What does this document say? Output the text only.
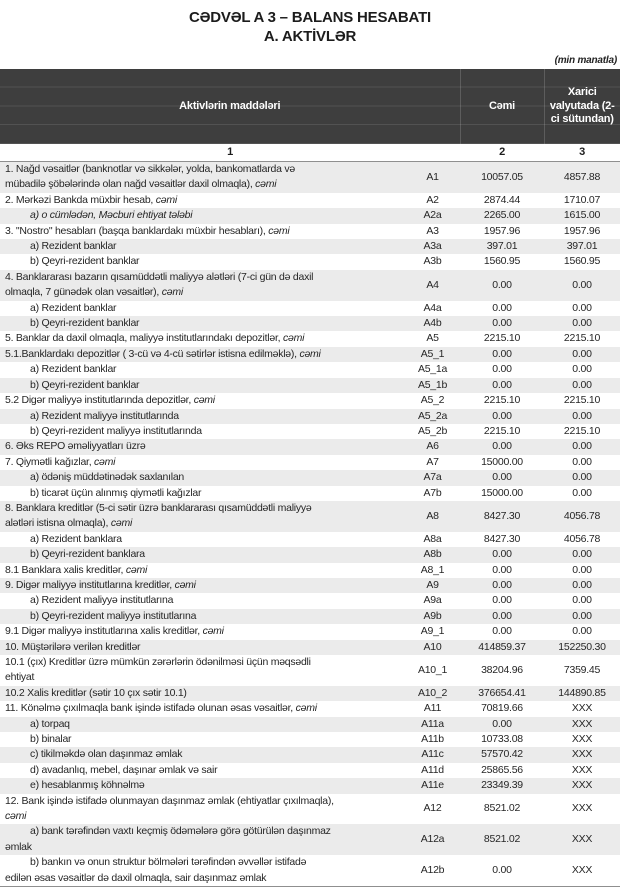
CƏDVƏL A 3 – BALANS HESABATI
A. AKTİVLƏR
(min manatla)
Aktivlərin maddələri		Cəmi	Xarici valyutada (2-ci sütundan)
1		2	3

1. Nağd vəsaitlər (banknotlar və sikkələr, yolda, bankomatlarda və
mübadilə şöbələrində olan nağd vəsaitlər daxil olmaqla), cəmi	A1	10057.05	4857.88

2. Mərkəzi Bankda müxbir hesab, cəmi	A2	2874.44	1710.07

a) o cümlədən, Məcburi ehtiyat tələbi	A2a	2265.00	1615.00

3. "Nostro" hesabları (başqa banklardakı müxbir hesabları), cəmi	A3	1957.96	1957.96

a) Rezident banklar	A3a	397.01	397.01

b) Qeyri-rezident banklar	A3b	1560.95	1560.95

4. Banklararası bazarın qısamüddətli maliyyə alətləri (7-ci gün də daxil
olmaqla, 7 günədək olan vəsaitlər), cəmi	A4	0.00	0.00

a) Rezident banklar	A4a	0.00	0.00

b) Qeyri-rezident banklar	A4b	0.00	0.00

5. Banklar da daxil olmaqla, maliyyə institutlarındakı depozitlər, cəmi	A5	2215.10	2215.10

5.1.Banklardakı depozitlər ( 3-cü və 4-cü sətirlər istisna edilməklə), cəmi	A5_1	0.00	0.00

a) Rezident banklar	A5_1a	0.00	0.00

b) Qeyri-rezident banklar	A5_1b	0.00	0.00

5.2 Digər maliyyə institutlarında depozitlər, cəmi	A5_2	2215.10	2215.10

a) Rezident maliyyə institutlarında	A5_2a	0.00	0.00

b) Qeyri-rezident maliyyə institutlarında	A5_2b	2215.10	2215.10

6. Əks REPO əməliyyatları üzrə	A6	0.00	0.00

7. Qiymətli kağızlar, cəmi	A7	15000.00	0.00

a) ödəniş müddətinədək saxlanılan	A7a	0.00	0.00

b) ticarət üçün alınmış qiymətli kağızlar	A7b	15000.00	0.00

8. Banklara kreditlər (5-ci sətir üzrə banklararası qısamüddətli maliyyə
alətləri istisna olmaqla), cəmi	A8	8427.30	4056.78

a) Rezident banklara	A8a	8427.30	4056.78

b) Qeyri-rezident banklara	A8b	0.00	0.00

8.1 Banklara xalis kreditlər, cəmi	A8_1	0.00	0.00

9. Digər maliyyə institutlarına kreditlər, cəmi	A9	0.00	0.00

a) Rezident maliyyə institutlarına	A9a	0.00	0.00

b) Qeyri-rezident maliyyə institutlarına	A9b	0.00	0.00

9.1 Digər maliyyə institutlarına xalis kreditlər, cəmi	A9_1	0.00	0.00

10. Müştərilərə verilən kreditlər	A10	414859.37	152250.30

10.1 (çıx) Kreditlər üzrə mümkün zərərlərin ödənilməsi üçün məqsədli
ehtiyat	A10_1	38204.96	7359.45

10.2 Xalis kreditlər (sətir 10 çıx sətir 10.1)	A10_2	376654.41	144890.85

11. Könəlmə çıxılmaqla bank işində istifadə olunan əsas vəsaitlər, cəmi	A11	70819.66	XXX

a) torpaq	A11a	0.00	XXX

b) binalar	A11b	10733.08	XXX

c) tikilməkdə olan daşınmaz əmlak	A11c	57570.42	XXX

d) avadanlıq, mebel, daşınar əmlak və sair	A11d	25865.56	XXX

e) hesablanmış köhnəlmə	A11e	23349.39	XXX

12. Bank işində istifadə olunmayan daşınmaz əmlak (ehtiyatlar çıxılmaqla),
cəmi	A12	8521.02	XXX

a) bank tərəfindən vaxtı keçmiş ödəmələrə görə götürülən daşınmaz
əmlak	A12a	8521.02	XXX

b) bankın və onun struktur bölmələri tərəfindən əvvəllər istifadə
edilən əsas vəsaitlər də daxil olmaqla, sair daşınmaz əmlak	A12b	0.00	XXX
